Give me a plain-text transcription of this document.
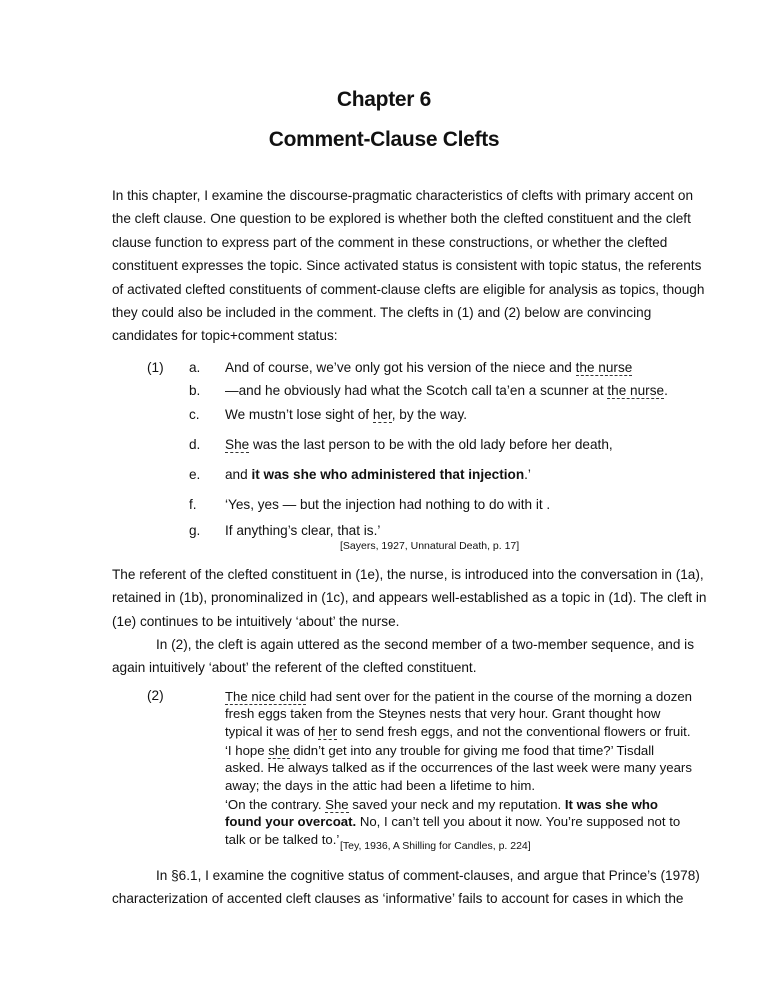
Chapter 6
Comment-Clause Clefts

In this chapter, I examine the discourse-pragmatic characteristics of clefts with primary accent on the cleft clause. One question to be explored is whether both the clefted constituent and the cleft clause function to express part of the comment in these constructions, or whether the clefted constituent expresses the topic. Since activated status is consistent with topic status, the referents of activated clefted constituents of comment-clause clefts are eligible for analysis as topics, though they could also be included in the comment. The clefts in (1) and (2) below are convincing candidates for topic+comment status:

(1) a. And of course, we’ve only got his version of the niece and the nurse
b. —and he obviously had what the Scotch call ta’en a scunner at the nurse.
c. We mustn’t lose sight of her, by the way.
d. She was the last person to be with the old lady before her death,
e. and it was she who administered that injection.’
f. ‘Yes, yes — but the injection had nothing to do with it .
g. If anything’s clear, that is.’
[Sayers, 1927, Unnatural Death, p. 17]

The referent of the clefted constituent in (1e), the nurse, is introduced into the conversation in (1a), retained in (1b), pronominalized in (1c), and appears well-established as a topic in (1d). The cleft in (1e) continues to be intuitively ‘about’ the nurse.

In (2), the cleft is again uttered as the second member of a two-member sequence, and is again intuitively ‘about’ the referent of the clefted constituent.

(2)	The nice child had sent over for the patient in the course of the morning a dozen fresh eggs taken from the Steynes nests that very hour. Grant thought how typical it was of her to send fresh eggs, and not the conventional flowers or fruit.

‘I hope she didn’t get into any trouble for giving me food that time?’ Tisdall asked. He always talked as if the occurrences of the last week were many years away; the days in the attic had been a lifetime to him.

‘On the contrary. She saved your neck and my reputation. It was she who found your overcoat. No, I can’t tell you about it now. You’re supposed not to talk or be talked to.’ [Tey, 1936, A Shilling for Candles, p. 224]

In §6.1, I examine the cognitive status of comment-clauses, and argue that Prince’s (1978) characterization of accented cleft clauses as ‘informative’ fails to account for cases in which the
